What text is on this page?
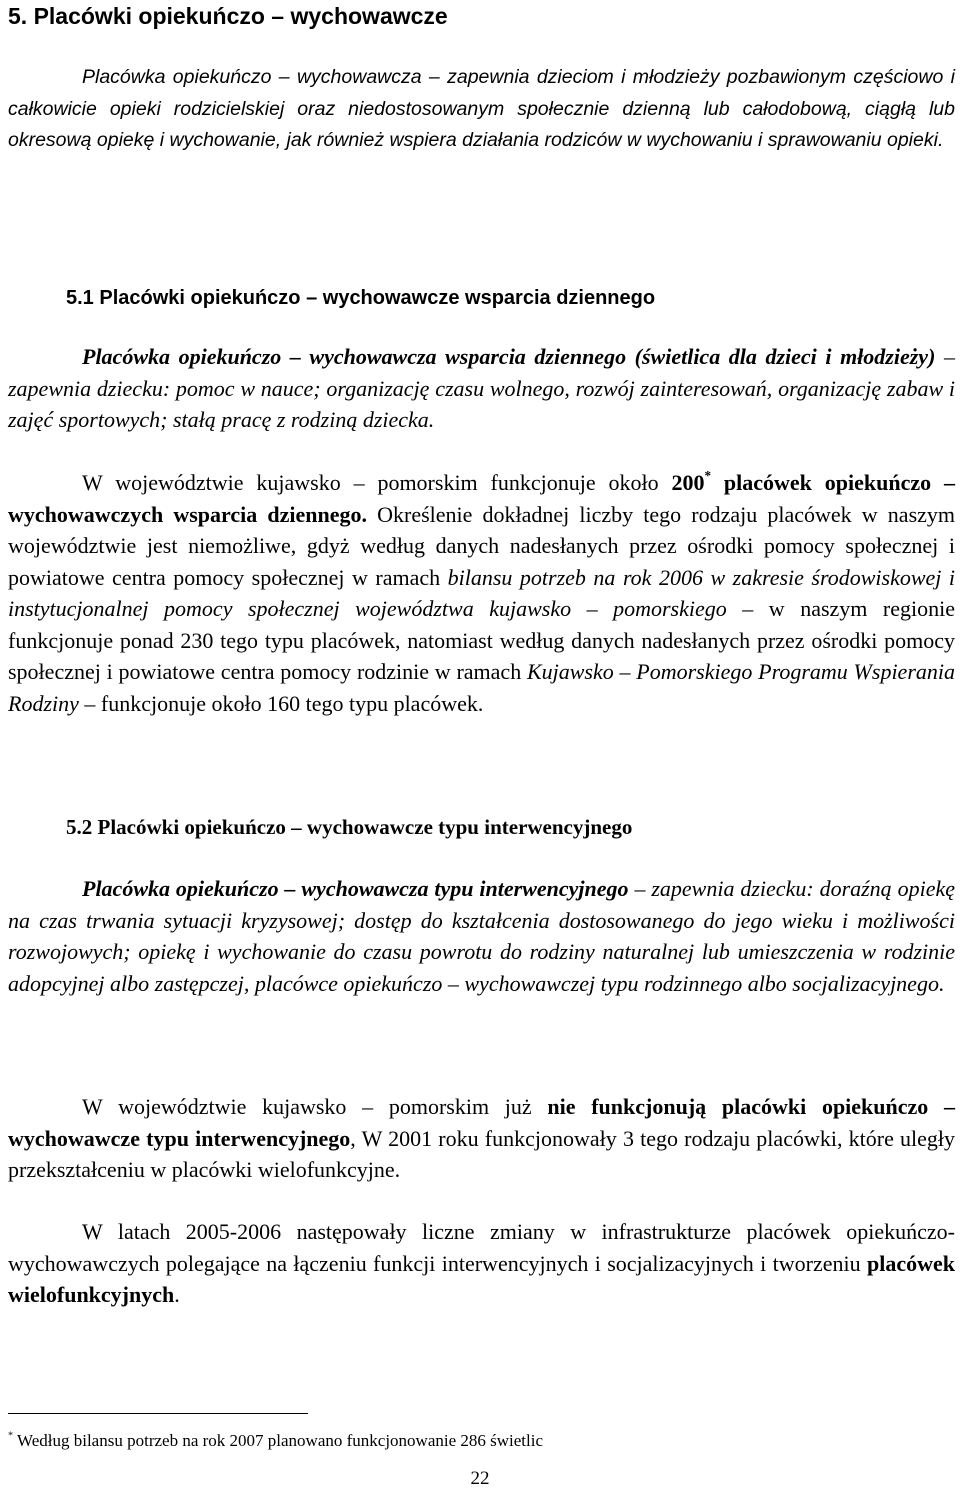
5. Placówki opiekuńczo – wychowawcze

Placówka opiekuńczo – wychowawcza – zapewnia dzieciom i młodzieży pozbawionym częściowo i całkowicie opieki rodzicielskiej oraz niedostosowanym społecznie dzienną lub całodobową, ciągłą lub okresową opiekę i wychowanie, jak również wspiera działania rodziców w wychowaniu i sprawowaniu opieki.

5.1 Placówki opiekuńczo – wychowawcze wsparcia dziennego

Placówka opiekuńczo – wychowawcza wsparcia dziennego (świetlica dla dzieci i młodzieży) – zapewnia dziecku: pomoc w nauce; organizację czasu wolnego, rozwój zainteresowań, organizację zabaw i zajęć sportowych; stałą pracę z rodziną dziecka.

W województwie kujawsko – pomorskim funkcjonuje około 200* placówek opiekuńczo – wychowawczych wsparcia dziennego. Określenie dokładnej liczby tego rodzaju placówek w naszym województwie jest niemożliwe, gdyż według danych nadesłanych przez ośrodki pomocy społecznej i powiatowe centra pomocy społecznej w ramach bilansu potrzeb na rok 2006 w zakresie środowiskowej i instytucjonalnej pomocy społecznej województwa kujawsko – pomorskiego – w naszym regionie funkcjonuje ponad 230 tego typu placówek, natomiast według danych nadesłanych przez ośrodki pomocy społecznej i powiatowe centra pomocy rodzinie w ramach Kujawsko – Pomorskiego Programu Wspierania Rodziny – funkcjonuje około 160 tego typu placówek.

5.2 Placówki opiekuńczo – wychowawcze typu interwencyjnego

Placówka opiekuńczo – wychowawcza typu interwencyjnego – zapewnia dziecku: doraźną opiekę na czas trwania sytuacji kryzysowej; dostęp do kształcenia dostosowanego do jego wieku i możliwości rozwojowych; opiekę i wychowanie do czasu powrotu do rodziny naturalnej lub umieszczenia w rodzinie adopcyjnej albo zastępczej, placówce opiekuńczo – wychowawczej typu rodzinnego albo socjalizacyjnego.

W województwie kujawsko – pomorskim już nie funkcjonują placówki opiekuńczo – wychowawcze typu interwencyjnego, W 2001 roku funkcjonowały 3 tego rodzaju placówki, które uległy przekształceniu w placówki wielofunkcyjne.

W latach 2005-2006 następowały liczne zmiany w infrastrukturze placówek opiekuńczo-wychowawczych polegające na łączeniu funkcji interwencyjnych i socjalizacyjnych i tworzeniu placówek wielofunkcyjnych.

* Według bilansu potrzeb na rok 2007 planowano funkcjonowanie 286 świetlic
22
